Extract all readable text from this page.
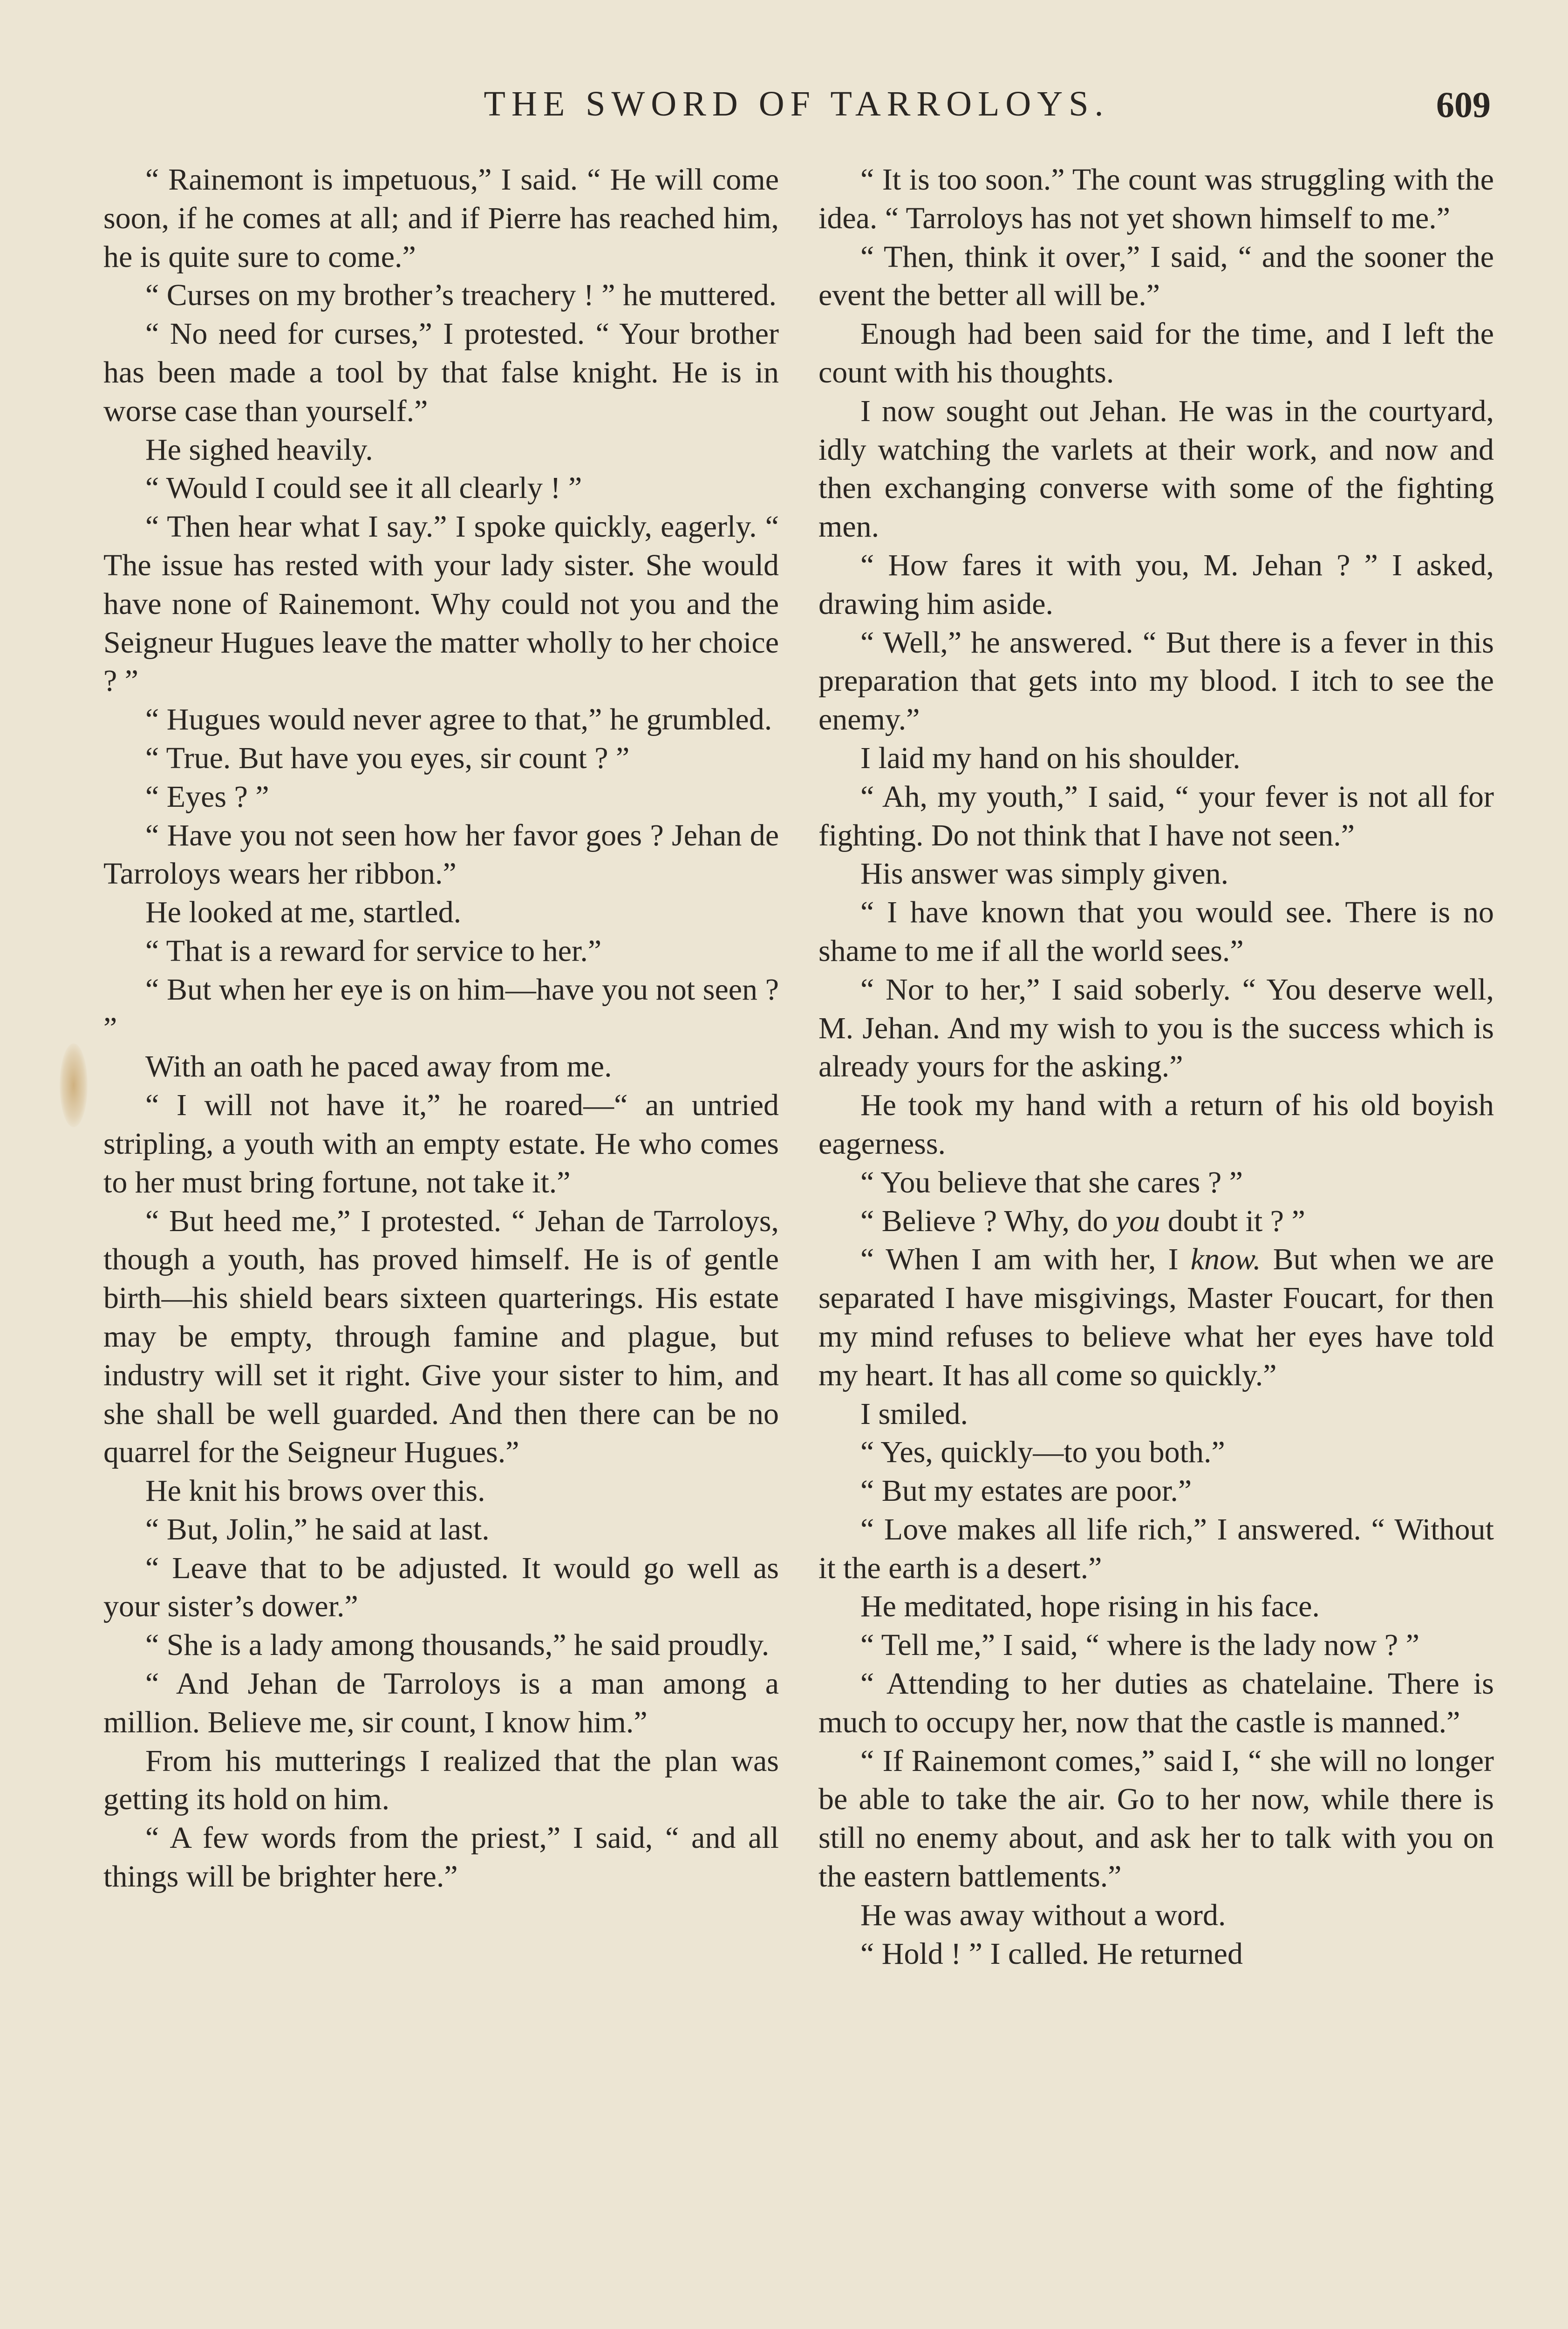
THE SWORD OF TARROLOYS.	609

“ Rainemont is impetuous,” I said. “ He will come soon, if he comes at all; and if Pierre has reached him, he is quite sure to come.”

“ Curses on my brother’s treachery ! ” he muttered.

“ No need for curses,” I protested. “ Your brother has been made a tool by that false knight. He is in worse case than yourself.”

He sighed heavily.

“ Would I could see it all clearly ! ”

“ Then hear what I say.” I spoke quickly, eagerly. “ The issue has rested with your lady sister. She would have none of Rainemont. Why could not you and the Seigneur Hugues leave the matter wholly to her choice ? ”

“ Hugues would never agree to that,” he grumbled.

“ True. But have you eyes, sir count ? ”

“ Eyes ? ”

“ Have you not seen how her favor goes ? Jehan de Tarroloys wears her ribbon.”

He looked at me, startled.

“ That is a reward for service to her.”

“ But when her eye is on him—have you not seen ? ”

With an oath he paced away from me.

“ I will not have it,” he roared—“ an untried stripling, a youth with an empty estate. He who comes to her must bring fortune, not take it.”

“ But heed me,” I protested. “ Jehan de Tarroloys, though a youth, has proved himself. He is of gentle birth—his shield bears sixteen quarterings. His estate may be empty, through famine and plague, but industry will set it right. Give your sister to him, and she shall be well guarded. And then there can be no quarrel for the Seigneur Hugues.”

He knit his brows over this.

“ But, Jolin,” he said at last.

“ Leave that to be adjusted. It would go well as your sister’s dower.”

“ She is a lady among thousands,” he said proudly.

“ And Jehan de Tarroloys is a man among a million. Believe me, sir count, I know him.”

From his mutterings I realized that the plan was getting its hold on him.

“ A few words from the priest,” I said, “ and all things will be brighter here.”

“ It is too soon.” The count was struggling with the idea. “ Tarroloys has not yet shown himself to me.”

“ Then, think it over,” I said, “ and the sooner the event the better all will be.”

Enough had been said for the time, and I left the count with his thoughts.

I now sought out Jehan. He was in the courtyard, idly watching the varlets at their work, and now and then exchanging converse with some of the fighting men.

“ How fares it with you, M. Jehan ? ” I asked, drawing him aside.

“ Well,” he answered. “ But there is a fever in this preparation that gets into my blood. I itch to see the enemy.”

I laid my hand on his shoulder.

“ Ah, my youth,” I said, “ your fever is not all for fighting. Do not think that I have not seen.”

His answer was simply given.

“ I have known that you would see. There is no shame to me if all the world sees.”

“ Nor to her,” I said soberly. “ You deserve well, M. Jehan. And my wish to you is the success which is already yours for the asking.”

He took my hand with a return of his old boyish eagerness.

“ You believe that she cares ? ”

“ Believe ? Why, do you doubt it ? ”

“ When I am with her, I know. But when we are separated I have misgivings, Master Foucart, for then my mind refuses to believe what her eyes have told my heart. It has all come so quickly.”

I smiled.

“ Yes, quickly—to you both.”

“ But my estates are poor.”

“ Love makes all life rich,” I answered. “ Without it the earth is a desert.”

He meditated, hope rising in his face.

“ Tell me,” I said, “ where is the lady now ? ”

“ Attending to her duties as chatelaine. There is much to occupy her, now that the castle is manned.”

“ If Rainemont comes,” said I, “ she will no longer be able to take the air. Go to her now, while there is still no enemy about, and ask her to talk with you on the eastern battlements.”

He was away without a word.

“ Hold ! ” I called. He returned
